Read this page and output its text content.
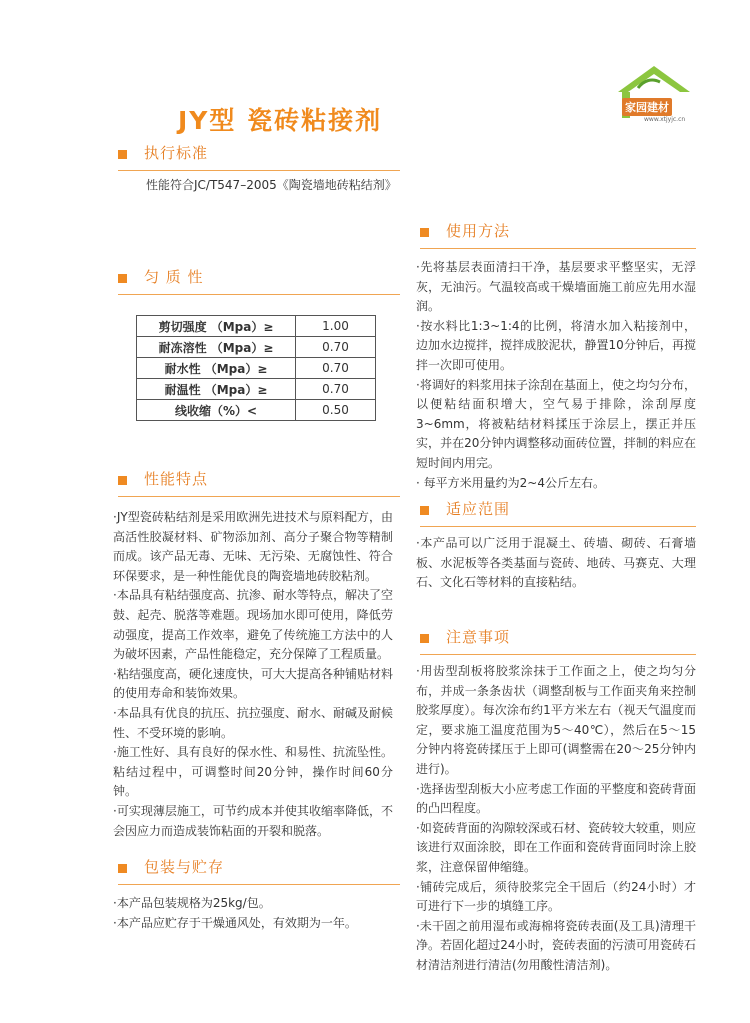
家园建材
www.xtjyjc.cn
JY型 瓷砖粘接剂
执行标准
性能符合JC/T547–2005《陶瓷墙地砖粘结剂》
匀 质 性
剪切强度 （Mpa）≥	1.00
耐冻溶性 （Mpa）≥	0.70
耐水性 （Mpa）≥	0.70
耐温性 （Mpa）≥	0.70
线收缩（%）<	0.50
性能特点

·JY型瓷砖粘结剂是采用欧洲先进技术与原料配方，由高活性胶凝材料、矿物添加剂、高分子聚合物等精制而成。该产品无毒、无味、无污染、无腐蚀性、符合环保要求，是一种性能优良的陶瓷墙地砖胶粘剂。

·本品具有粘结强度高、抗渗、耐水等特点，解决了空鼓、起壳、脱落等难题。现场加水即可使用，降低劳动强度，提高工作效率，避免了传统施工方法中的人为破坏因素，产品性能稳定，充分保障了工程质量。

·粘结强度高，硬化速度快，可大大提高各种铺贴材料的使用寿命和装饰效果。

·本品具有优良的抗压、抗拉强度、耐水、耐碱及耐候性、不受环境的影响。

·施工性好、具有良好的保水性、和易性、抗流坠性。粘结过程中，可调整时间20分钟，操作时间60分钟。

·可实现薄层施工，可节约成本并使其收缩率降低，不会因应力而造成装饰粘面的开裂和脱落。

包装与贮存

·本产品包装规格为25kg/包。

·本产品应贮存于干燥通风处，有效期为一年。

使用方法

·先将基层表面清扫干净，基层要求平整坚实，无浮灰，无油污。气温较高或干燥墙面施工前应先用水湿润。

·按水料比1:3~1:4的比例，将清水加入粘接剂中，边加水边搅拌，搅拌成胶泥状，静置10分钟后，再搅拌一次即可使用。

·将调好的料浆用抹子涂刮在基面上，使之均匀分布，以便粘结面积增大，空气易于排除，涂刮厚度3~6mm，将被粘结材料揉压于涂层上，摆正并压实，并在20分钟内调整移动面砖位置，拌制的料应在短时间内用完。

· 每平方米用量约为2~4公斤左右。

适应范围
·本产品可以广泛用于混凝土、砖墙、砌砖、石膏墙板、水泥板等各类基面与瓷砖、地砖、马赛克、大理石、文化石等材料的直接粘结。
注意事项

·用齿型刮板将胶浆涂抹于工作面之上，使之均匀分布，并成一条条齿状（调整刮板与工作面夹角来控制胶浆厚度）。每次涂布约1平方米左右（视天气温度而定，要求施工温度范围为5～40℃），然后在5～15分钟内将瓷砖揉压于上即可(调整需在20～25分钟内进行)。

·选择齿型刮板大小应考虑工作面的平整度和瓷砖背面的凸凹程度。

·如瓷砖背面的沟隙较深或石材、瓷砖较大较重，则应该进行双面涂胶，即在工作面和瓷砖背面同时涂上胶浆，注意保留伸缩缝。

·铺砖完成后，须待胶浆完全干固后（约24小时）才可进行下一步的填缝工序。

·未干固之前用湿布或海棉将瓷砖表面(及工具)清理干净。若固化超过24小时，瓷砖表面的污渍可用瓷砖石材清洁剂进行清洁(勿用酸性清洁剂)。
